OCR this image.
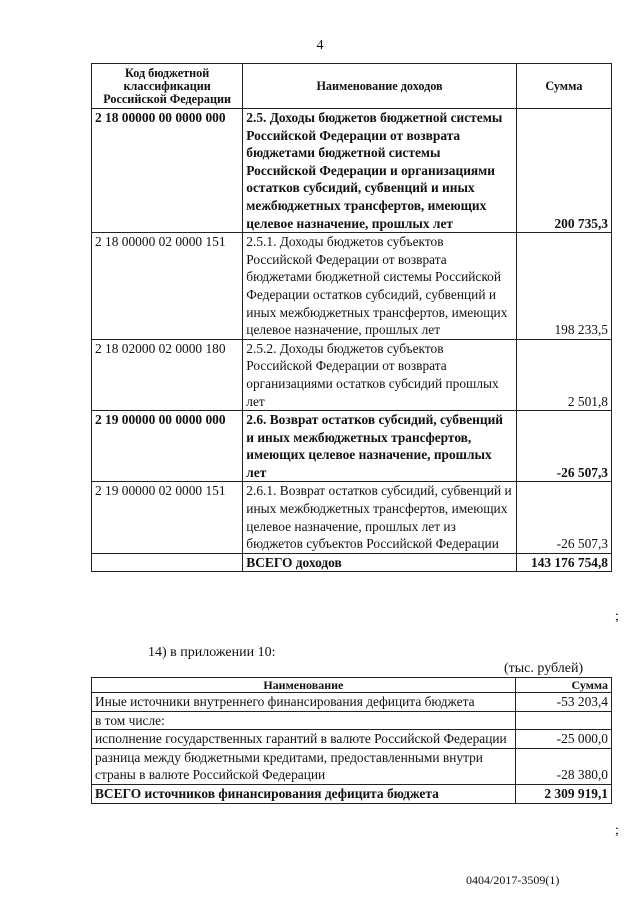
4
Код бюджетной классификации Российской Федерации	Наименование доходов	Сумма
2 18 00000 00 0000 000	2.5. Доходы бюджетов бюджетной системы Российской Федерации от возврата бюджетами бюджетной системы Российской Федерации и организациями остатков субсидий, субвенций и иных межбюджетных трансфертов, имеющих целевое назначение, прошлых лет	200 735,3
2 18 00000 02 0000 151	2.5.1. Доходы бюджетов субъектов Российской Федерации от возврата бюджетами бюджетной системы Российской Федерации остатков субсидий, субвенций и иных межбюджетных трансфертов, имеющих целевое назначение, прошлых лет	198 233,5
2 18 02000 02 0000 180	2.5.2. Доходы бюджетов субъектов Российской Федерации от возврата организациями остатков субсидий прошлых лет	2 501,8
2 19 00000 00 0000 000	2.6. Возврат остатков субсидий, субвенций и иных межбюджетных трансфертов, имеющих целевое назначение, прошлых лет	-26 507,3
2 19 00000 02 0000 151	2.6.1. Возврат остатков субсидий, субвенций и иных межбюджетных трансфертов, имеющих целевое назначение, прошлых лет из бюджетов субъектов Российской Федерации	-26 507,3
	ВСЕГО доходов	143 176 754,8
;
14) в приложении 10:
(тыс. рублей)
Наименование	Сумма
Иные источники внутреннего финансирования дефицита бюджета	-53 203,4
в том числе:	
исполнение государственных гарантий в валюте Российской Федерации	-25 000,0
разница между бюджетными кредитами, предоставленными внутри страны в валюте Российской Федерации	-28 380,0
ВСЕГО источников финансирования дефицита бюджета	2 309 919,1
;
0404/2017-3509(1)
